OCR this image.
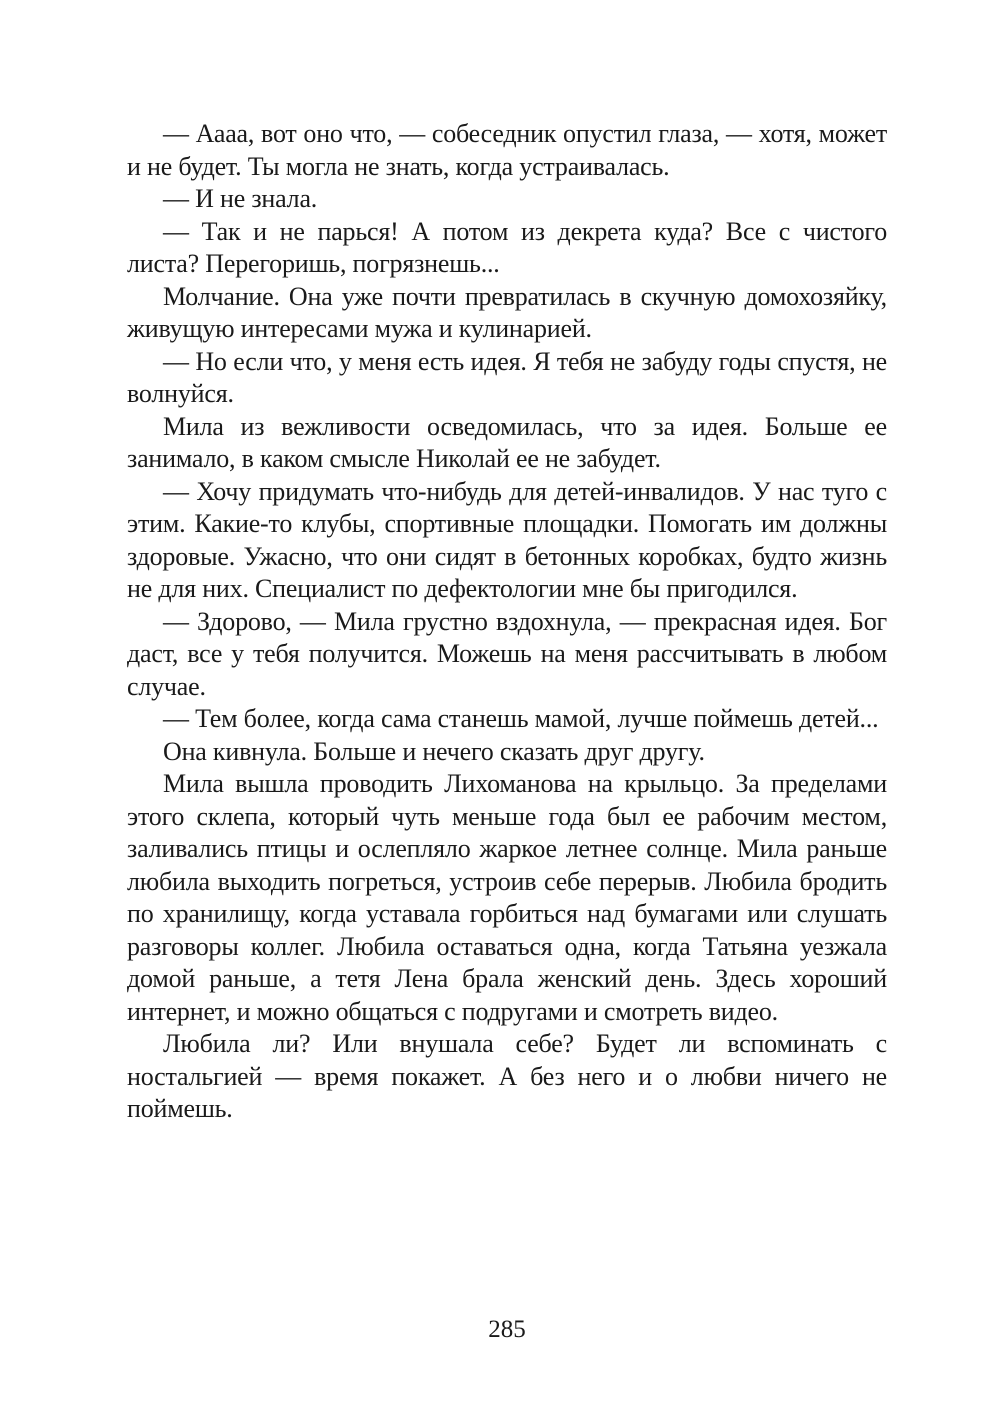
— Аааа, вот оно что, — собеседник опустил глаза, — хотя, может и не будет. Ты могла не знать, когда устраивалась.

— И не знала.

— Так и не парься! А потом из декрета куда? Все с чистого листа? Перегоришь, погрязнешь...

Молчание. Она уже почти превратилась в скучную домохозяйку, живущую интересами мужа и кулинарией.

— Но если что, у меня есть идея. Я тебя не забуду годы спустя, не волнуйся.

Мила из вежливости осведомилась, что за идея. Больше ее занимало, в каком смысле Николай ее не забудет.

— Хочу придумать что-нибудь для детей-инвалидов. У нас туго с этим. Какие-то клубы, спортивные площадки. Помогать им должны здоровые. Ужасно, что они сидят в бетонных коробках, будто жизнь не для них. Специалист по дефектологии мне бы пригодился.

— Здорово, — Мила грустно вздохнула, — прекрасная идея. Бог даст, все у тебя получится. Можешь на меня рассчитывать в любом случае.

— Тем более, когда сама станешь мамой, лучше поймешь детей...

Она кивнула. Больше и нечего сказать друг другу.

Мила вышла проводить Лихоманова на крыльцо. За пределами этого склепа, который чуть меньше года был ее рабочим местом, заливались птицы и ослепляло жаркое летнее солнце. Мила раньше любила выходить погреться, устроив себе перерыв. Любила бродить по хранилищу, когда уставала горбиться над бумагами или слушать разговоры коллег. Любила оставаться одна, когда Татьяна уезжала домой раньше, а тетя Лена брала женский день. Здесь хороший интернет, и можно общаться с подругами и смотреть видео.

Любила ли? Или внушала себе? Будет ли вспоминать с ностальгией — время покажет. А без него и о любви ничего не поймешь.

285
